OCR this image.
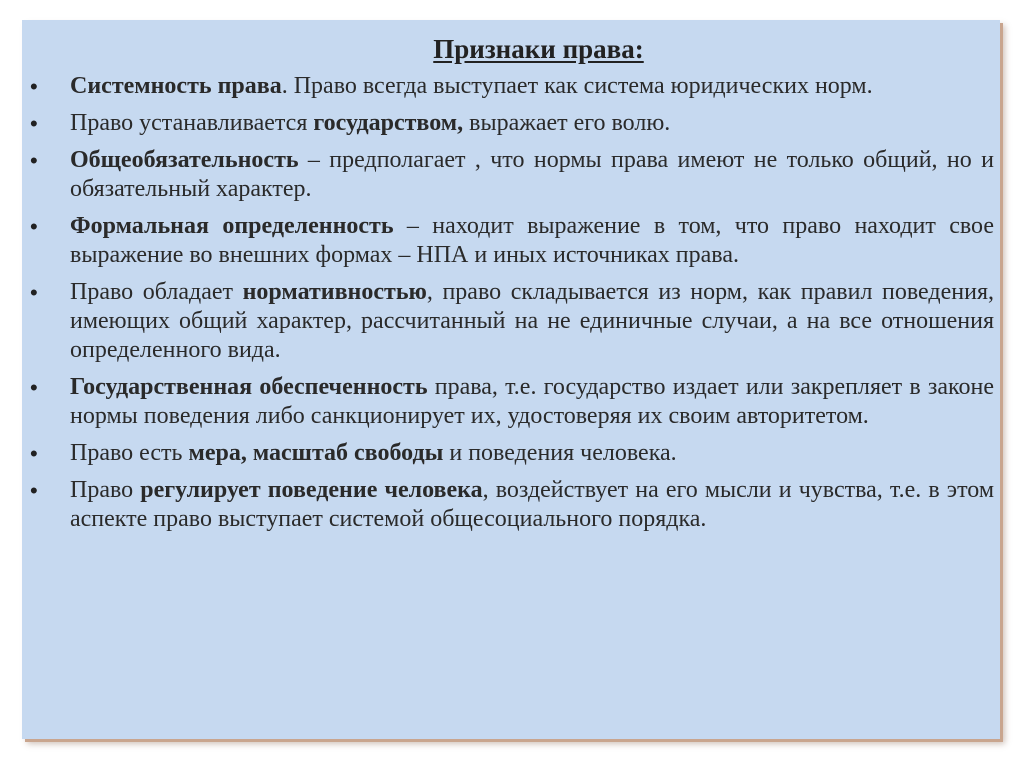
Признаки права:
• Системность права. Право всегда выступает как система юридических норм.
• Право устанавливается государством, выражает его волю.
• Общеобязательность – предполагает , что нормы права имеют не только общий, но и обязательный характер.
• Формальная определенность – находит выражение в том, что право находит свое выражение во внешних формах – НПА и иных источниках права.
• Право обладает нормативностью, право складывается из норм, как правил поведения, имеющих общий характер, рассчитанный на не единичные случаи, а на все отношения определенного вида.
• Государственная обеспеченность права, т.е. государство издает или закрепляет в законе нормы поведения либо санкционирует их, удостоверяя их своим авторитетом.
• Право есть мера, масштаб свободы и поведения человека.
• Право регулирует поведение человека, воздействует на его мысли и чувства, т.е. в этом аспекте право выступает системой общесоциального порядка.
